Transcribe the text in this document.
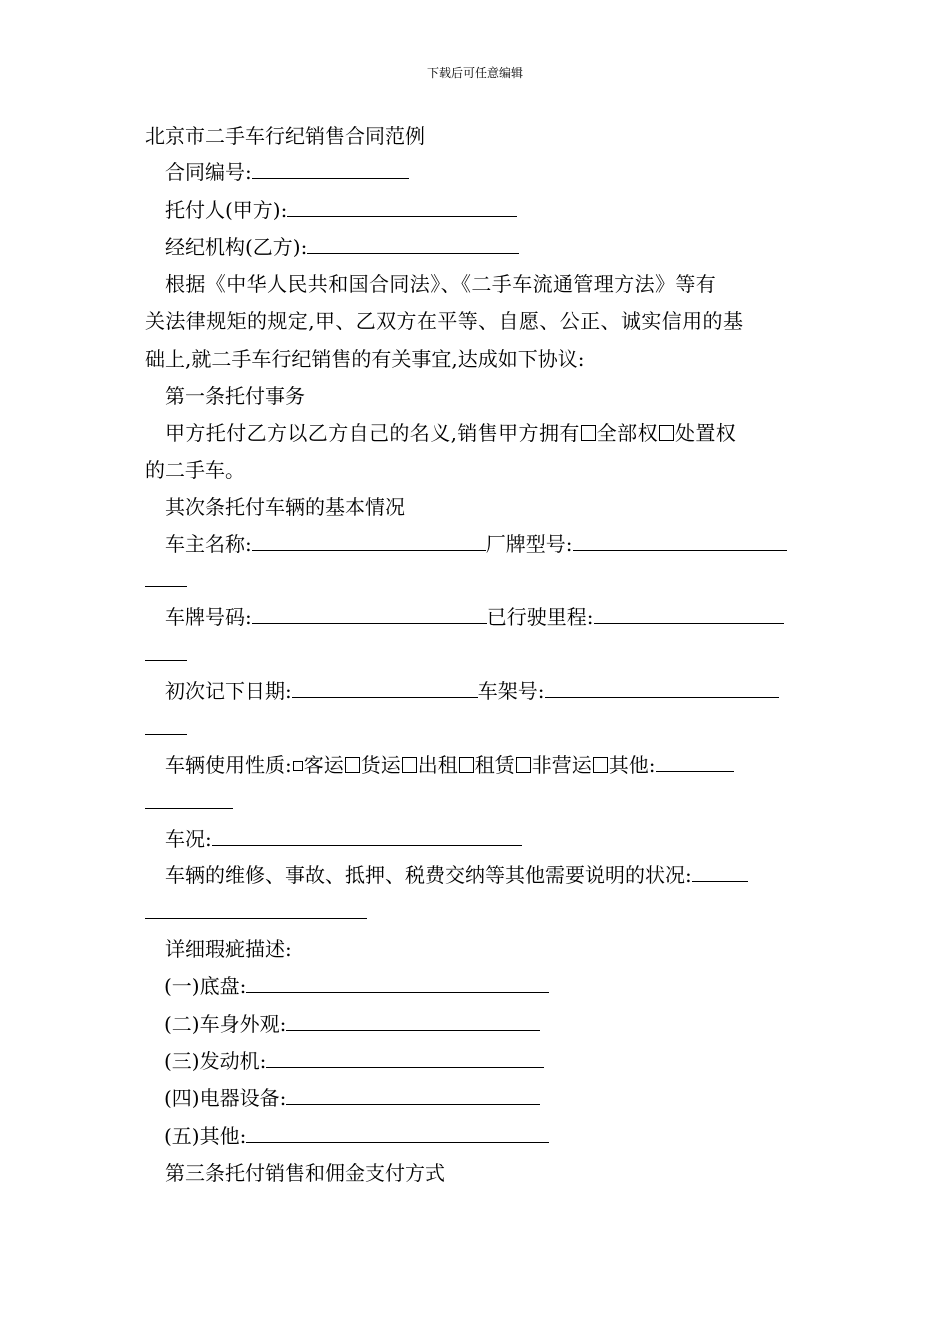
下载后可任意编辑
北京市二手车行纪销售合同范例
合同编号:
托付人(甲方):
经纪机构(乙方):
根据《中华人民共和国合同法》、《二手车流通管理方法》等有
关法律规矩的规定,甲、乙双方在平等、自愿、公正、诚实信用的基
础上,就二手车行纪销售的有关事宜,达成如下协议:
第一条托付事务
甲方托付乙方以乙方自己的名义,销售甲方拥有 全部权 处置权
的二手车。
其次条托付车辆的基本情况
车主名称:	厂牌型号:
车牌号码:	已行驶里程:
初次记下日期:	车架号:
车辆使用性质: 客运 货运 出租 租赁 非营运 其他:
车况:
车辆的维修、事故、抵押、税费交纳等其他需要说明的状况:
详细瑕疵描述:
(一)底盘:
(二)车身外观:
(三)发动机:
(四)电器设备:
(五)其他:
第三条托付销售和佣金支付方式
